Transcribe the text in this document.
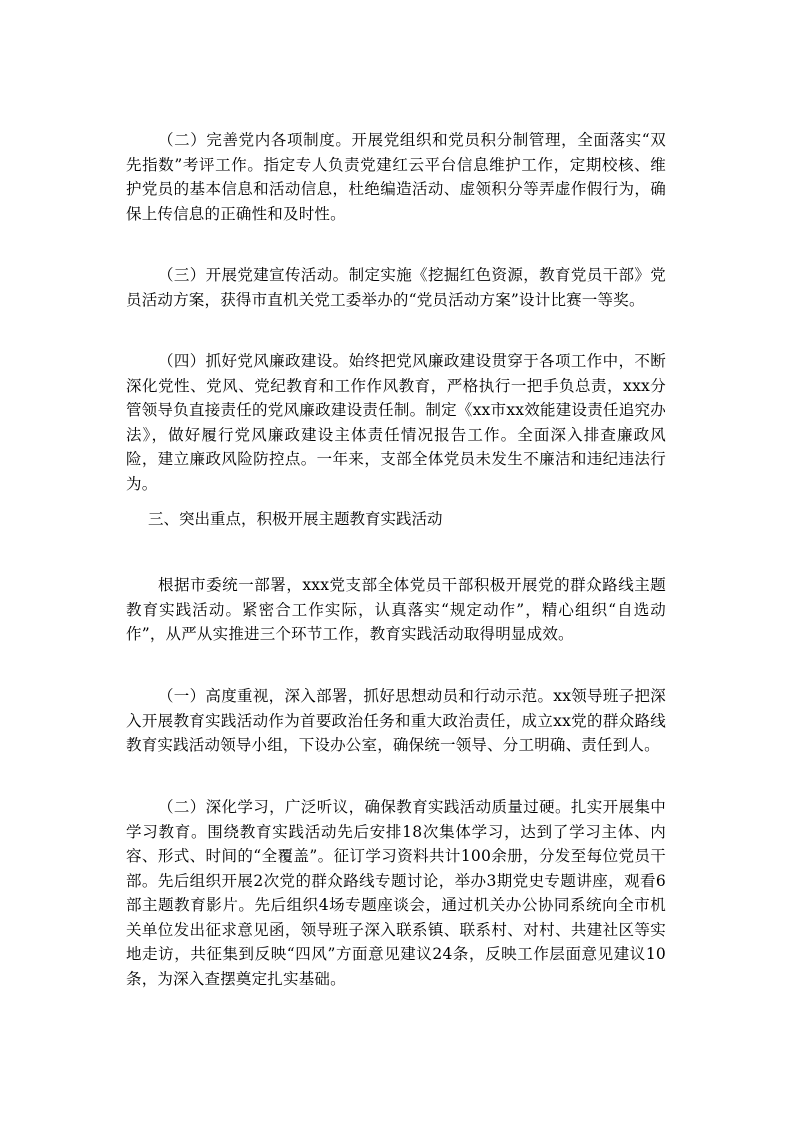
（二）完善党内各项制度。开展党组织和党员积分制管理，全面落实“双先指数”考评工作。指定专人负责党建红云平台信息维护工作，定期校核、维护党员的基本信息和活动信息，杜绝编造活动、虚领积分等弄虚作假行为，确保上传信息的正确性和及时性。

（三）开展党建宣传活动。制定实施《挖掘红色资源，教育党员干部》党员活动方案，获得市直机关党工委举办的“党员活动方案”设计比赛一等奖。

（四）抓好党风廉政建设。始终把党风廉政建设贯穿于各项工作中，不断深化党性、党风、党纪教育和工作作风教育，严格执行一把手负总责，xxx分管领导负直接责任的党风廉政建设责任制。制定《xx市xx效能建设责任追究办法》，做好履行党风廉政建设主体责任情况报告工作。全面深入排查廉政风险，建立廉政风险防控点。一年来，支部全体党员未发生不廉洁和违纪违法行为。

三、突出重点，积极开展主题教育实践活动

根据市委统一部署，xxx党支部全体党员干部积极开展党的群众路线主题教育实践活动。紧密合工作实际，认真落实“规定动作”，精心组织“自选动作”，从严从实推进三个环节工作，教育实践活动取得明显成效。

（一）高度重视，深入部署，抓好思想动员和行动示范。xx领导班子把深入开展教育实践活动作为首要政治任务和重大政治责任，成立xx党的群众路线教育实践活动领导小组，下设办公室，确保统一领导、分工明确、责任到人。

（二）深化学习，广泛听议，确保教育实践活动质量过硬。扎实开展集中学习教育。围绕教育实践活动先后安排18次集体学习，达到了学习主体、内容、形式、时间的“全覆盖”。征订学习资料共计100余册，分发至每位党员干部。先后组织开展2次党的群众路线专题讨论，举办3期党史专题讲座，观看6部主题教育影片。先后组织4场专题座谈会，通过机关办公协同系统向全市机关单位发出征求意见函，领导班子深入联系镇、联系村、对村、共建社区等实地走访，共征集到反映“四风”方面意见建议24条，反映工作层面意见建议10条，为深入查摆奠定扎实基础。
